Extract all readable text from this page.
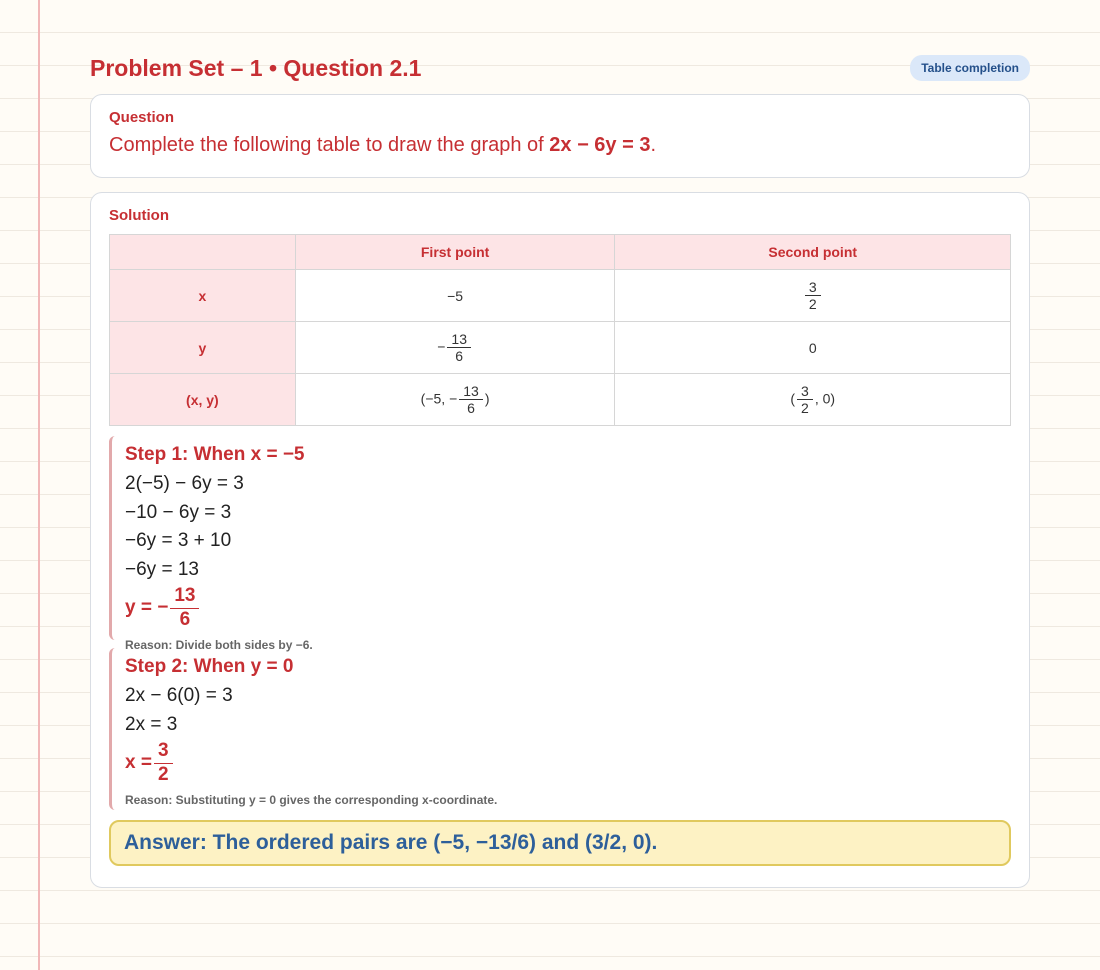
Problem Set – 1 • Question 2.1	Table completion
Question
Complete the following table to draw the graph of 2x − 6y = 3.
Solution
	First point	Second point
x	−5	$\frac{3}{2}$

y	− $\frac{13}{6}$	0
(x, y)	(−5, − $\frac{13}{6}$ )	( $\frac{3}{2}$ , 0)
Step 1: When x = −5
2(−5) − 6y = 3
−10 − 6y = 3
−6y = 3 + 10
−6y = 13
y = − $\frac{13}{6}$
Reason: Divide both sides by −6.
Step 2: When y = 0
2x − 6(0) = 3
2x = 3
$x = \frac{3}{2}$
Reason: Substituting y = 0 gives the corresponding x-coordinate.
Answer: The ordered pairs are (−5, −13/6) and (3/2, 0).
